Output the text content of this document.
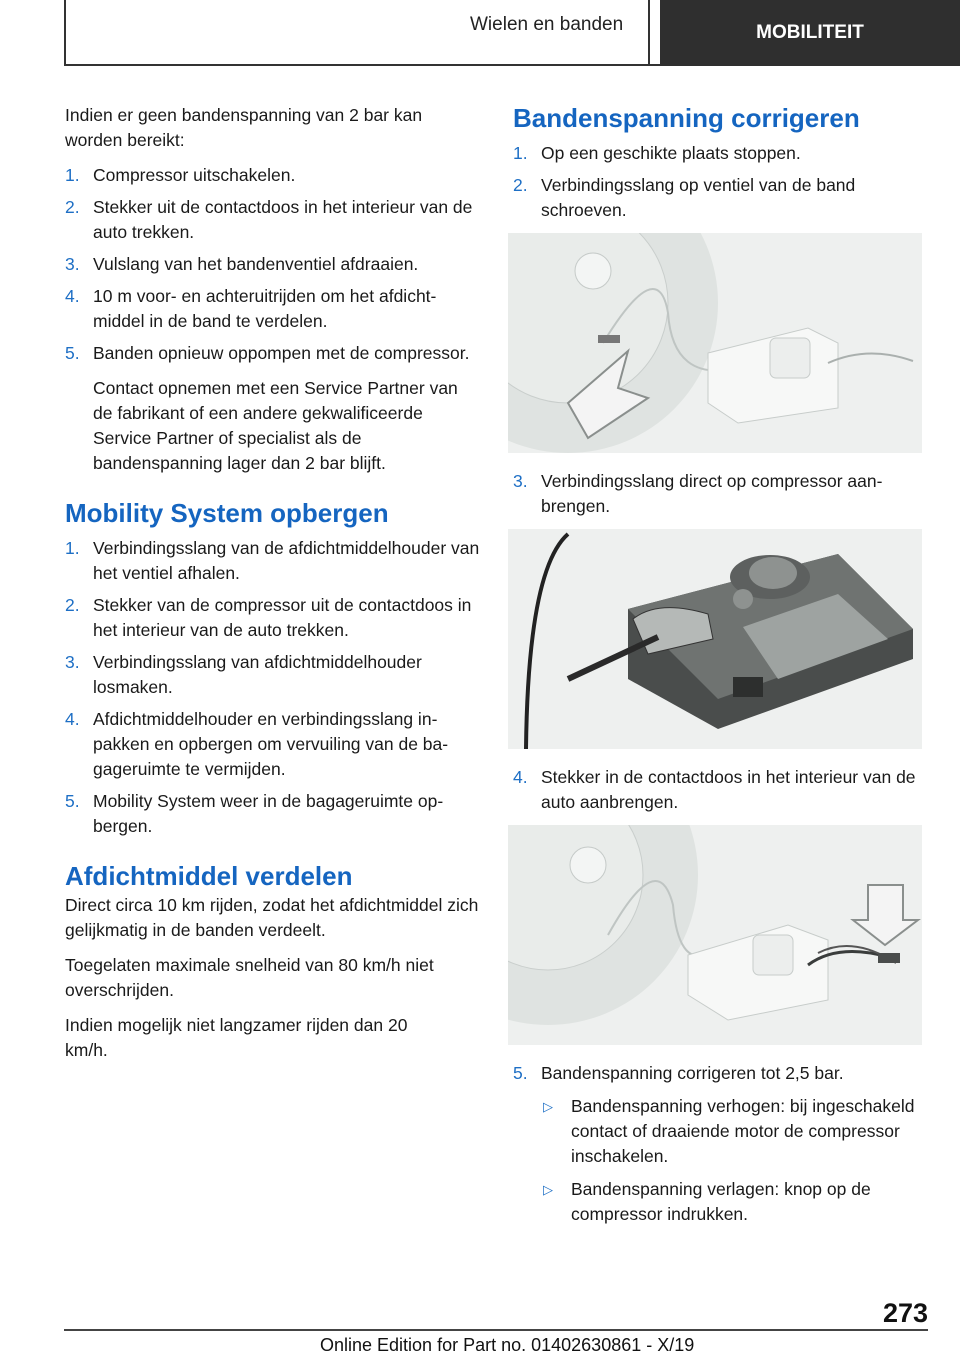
Wielen en banden	MOBILITEIT

Indien er geen bandenspanning van 2 bar kan worden bereikt:

1. Compressor uitschakelen.
2. Stekker uit de contactdoos in het interieur van de auto trekken.
3. Vulslang van het bandenventiel afdraaien.
4. 10 m voor- en achteruitrijden om het afdichtmiddel in de band te verdelen.
5. Banden opnieuw oppompen met de compressor.

Contact opnemen met een Service Partner van de fabrikant of een andere gekwalificeerde Service Partner of specialist als de bandenspanning lager dan 2 bar blijft.

Mobility System opbergen
1. Verbindingsslang van de afdichtmiddelhouder van het ventiel afhalen.
2. Stekker van de compressor uit de contactdoos in het interieur van de auto trekken.
3. Verbindingsslang van afdichtmiddelhouder losmaken.
4. Afdichtmiddelhouder en verbindingsslang inpakken en opbergen om vervuiling van de bagageruimte te vermijden.
5. Mobility System weer in de bagageruimte opbergen.
Afdichtmiddel verdelen

Direct circa 10 km rijden, zodat het afdichtmiddel zich gelijkmatig in de banden verdeelt.

Toegelaten maximale snelheid van 80 km/h niet overschrijden.

Indien mogelijk niet langzamer rijden dan 20 km/h.

Bandenspanning corrigeren
1. Op een geschikte plaats stoppen.
2. Verbindingsslang op ventiel van de band schroeven.
3. Verbindingsslang direct op compressor aanbrengen.
4. Stekker in de contactdoos in het interieur van de auto aanbrengen.
5. Bandenspanning corrigeren tot 2,5 bar.
▷ Bandenspanning verhogen: bij ingeschakeld contact of draaiende motor de compressor inschakelen.
▷ Bandenspanning verlagen: knop op de compressor indrukken.
273
Online Edition for Part no. 01402630861 - X/19
